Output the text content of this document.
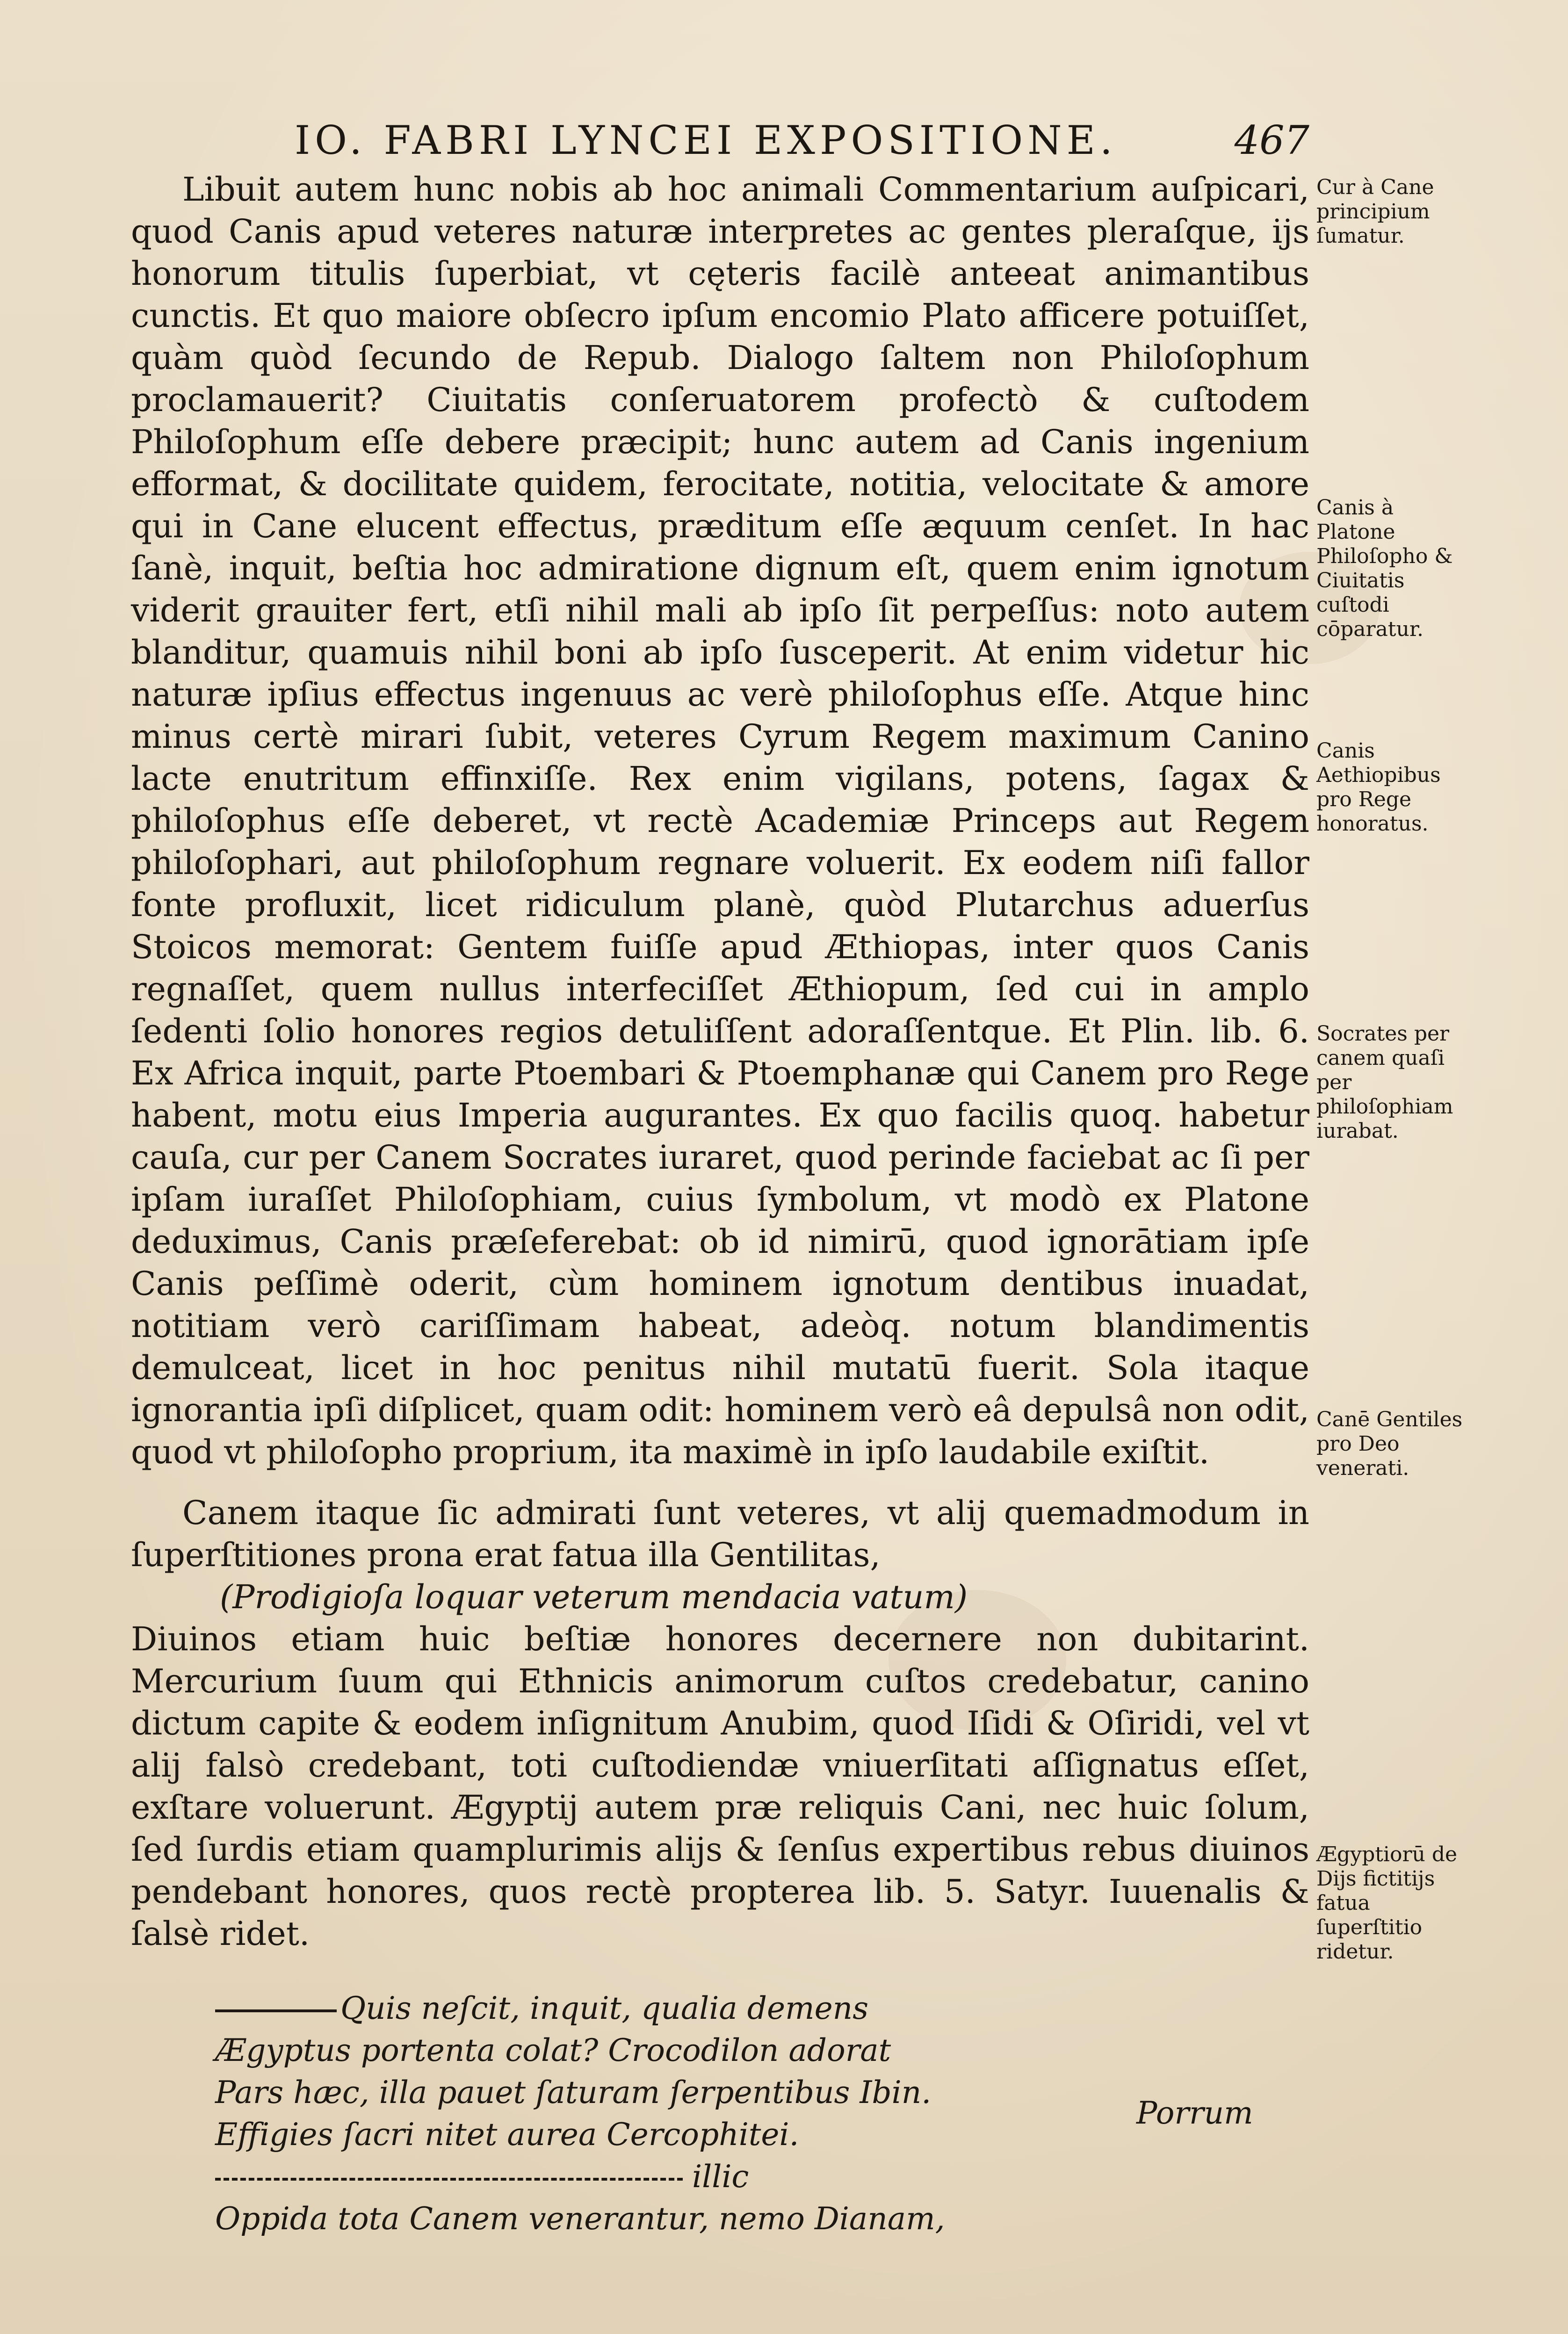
IO. FABRI LYNCEI EXPOSITIONE.	467

Libuit autem hunc nobis ab hoc animali Commentarium auſpicari, quod Canis apud veteres naturæ interpretes ac gentes pleraſque, ijs honorum titulis ſuperbiat, vt cęteris facilè anteeat animantibus cunctis. Et quo maiore obſecro ipſum encomio Plato afficere potuiſſet, quàm quòd ſecundo de Repub. Dialogo ſaltem non Philoſophum proclamauerit? Ciuitatis conſeruatorem profectò & cuſtodem Philoſophum eſſe debere præcipit; hunc autem ad Canis ingenium efformat, & docilitate quidem, ferocitate, notitia, velocitate & amore qui in Cane elucent effectus, præditum eſſe æquum cenſet. In hac ſanè, inquit, beſtia hoc admiratione dignum eſt, quem enim ignotum viderit grauiter fert, etſi nihil mali ab ipſo ſit perpeſſus: noto autem blanditur, quamuis nihil boni ab ipſo ſusceperit. At enim videtur hic naturæ ipſius effectus ingenuus ac verè philoſophus eſſe. Atque hinc minus certè mirari ſubit, veteres Cyrum Regem maximum Canino lacte enutritum effinxiſſe. Rex enim vigilans, potens, ſagax & philoſophus eſſe deberet, vt rectè Academiæ Princeps aut Regem philoſophari, aut philoſophum regnare voluerit. Ex eodem niſi fallor fonte profluxit, licet ridiculum planè, quòd Plutarchus aduerſus Stoicos memorat: Gentem fuiſſe apud Æthiopas, inter quos Canis regnaſſet, quem nullus interfeciſſet Æthiopum, ſed cui in amplo ſedenti ſolio honores regios detuliſſent adoraſſentque. Et Plin. lib. 6. Ex Africa inquit, parte Ptoembari & Ptoemphanæ qui Canem pro Rege habent, motu eius Imperia augurantes. Ex quo facilis quoq. habetur cauſa, cur per Canem Socrates iuraret, quod perinde faciebat ac ſi per ipſam iuraſſet Philoſophiam, cuius ſymbolum, vt modò ex Platone deduximus, Canis præſeferebat: ob id nimirū, quod ignorātiam ipſe Canis peſſimè oderit, cùm hominem ignotum dentibus inuadat, notitiam verò cariſſimam habeat, adeòq. notum blandimentis demulceat, licet in hoc penitus nihil mutatū fuerit. Sola itaque ignorantia ipſi diſplicet, quam odit: hominem verò eâ depulsâ non odit, quod vt philoſopho proprium, ita maximè in ipſo laudabile exiſtit.

Canem itaque ſic admirati ſunt veteres, vt alij quemadmodum in ſuperſtitiones prona erat fatua illa Gentilitas,

(Prodigioſa loquar veterum mendacia vatum)

Diuinos etiam huic beſtiæ honores decernere non dubitarint. Mercurium ſuum qui Ethnicis animorum cuſtos credebatur, canino dictum capite & eodem inſignitum Anubim, quod Iſidi & Oſiridi, vel vt alij falsò credebant, toti cuſtodiendæ vniuerſitati aſſignatus eſſet, exſtare voluerunt. Ægyptij autem præ reliquis Cani, nec huic ſolum, ſed ſurdis etiam quamplurimis alijs & ſenſus expertibus rebus diuinos pendebant honores, quos rectè propterea lib. 5. Satyr. Iuuenalis & ſalsè ridet.

Quis neſcit, inquit, qualia demens
Ægyptus portenta colat? Crocodilon adorat
Pars hæc, illa pauet ſaturam ſerpentibus Ibin.
Effigies ſacri nitet aurea Cercophitei.
illic
Oppida tota Canem venerantur, nemo Dianam,
Porrum
Cur à Cane principium ſumatur.
Canis à Platone Philoſopho & Ciuitatis cuſtodi cōparatur.
Canis Aethiopibus pro Rege honoratus.
Socrates per canem quaſi per philoſophiam iurabat.
Canē Gentiles pro Deo venerati.
Ægyptiorū de Dijs fictitijs fatua ſuperſtitio ridetur.
